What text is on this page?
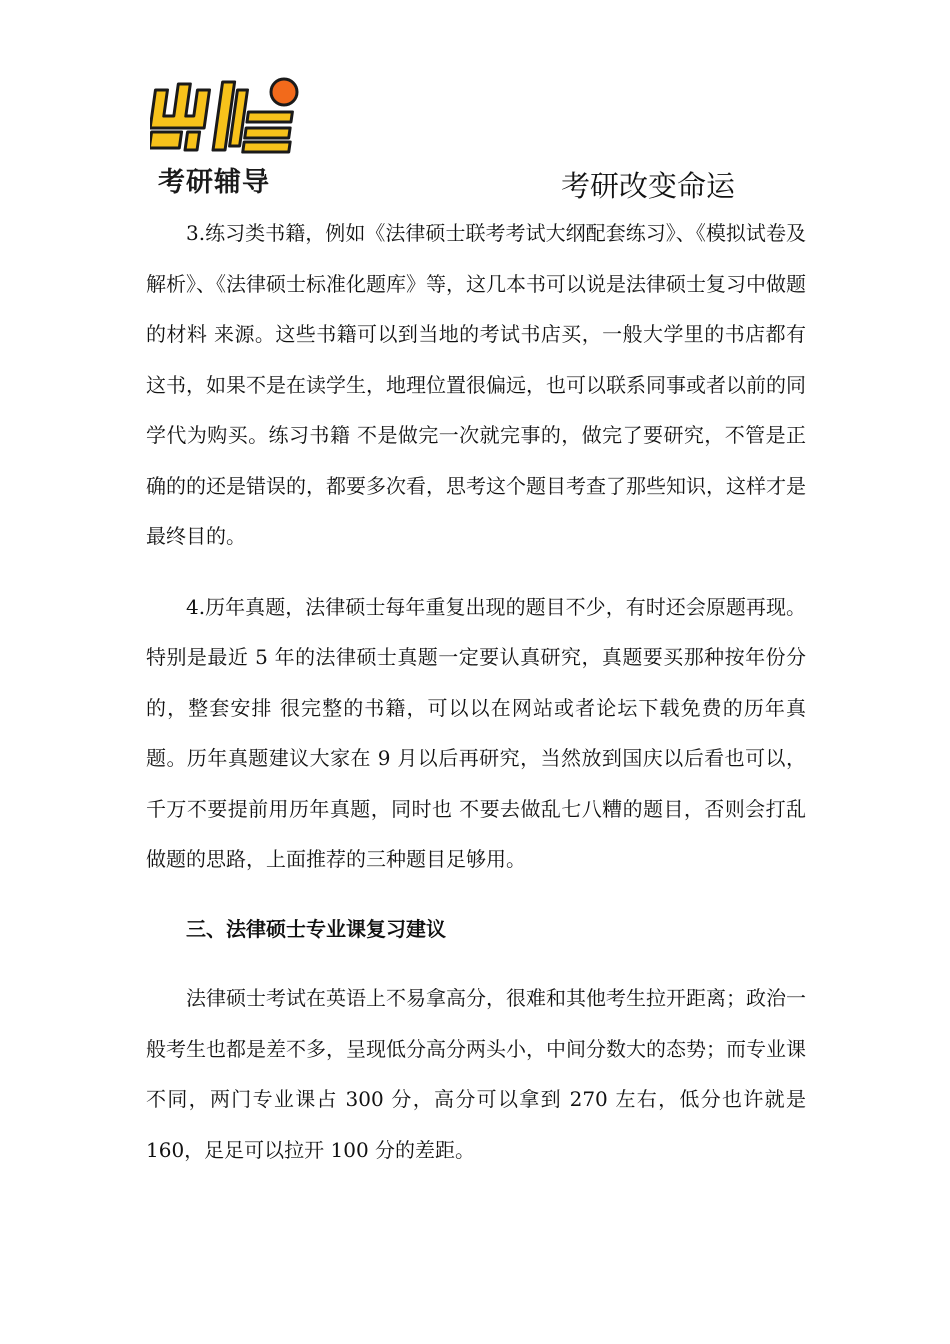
考研辅导	考研改变命运

3.练习类书籍，例如《法律硕士联考考试大纲配套练习》、《模拟试卷及解析》、《法律硕士标准化题库》等，这几本书可以说是法律硕士复习中做题的材料 来源。这些书籍可以到当地的考试书店买，一般大学里的书店都有这书，如果不是在读学生，地理位置很偏远，也可以联系同事或者以前的同学代为购买。练习书籍 不是做完一次就完事的，做完了要研究，不管是正确的的还是错误的，都要多次看，思考这个题目考查了那些知识，这样才是最终目的。

4.历年真题，法律硕士每年重复出现的题目不少，有时还会原题再现。特别是最近 5 年的法律硕士真题一定要认真研究，真题要买那种按年份分的，整套安排 很完整的书籍，可以以在网站或者论坛下载免费的历年真题。历年真题建议大家在 9 月以后再研究，当然放到国庆以后看也可以，千万不要提前用历年真题，同时也 不要去做乱七八糟的题目，否则会打乱做题的思路，上面推荐的三种题目足够用。

三、法律硕士专业课复习建议

法律硕士考试在英语上不易拿高分，很难和其他考生拉开距离；政治一般考生也都是差不多，呈现低分高分两头小，中间分数大的态势；而专业课不同，两门专业课占 300 分，高分可以拿到 270 左右，低分也许就是 160，足足可以拉开 100 分的差距。
